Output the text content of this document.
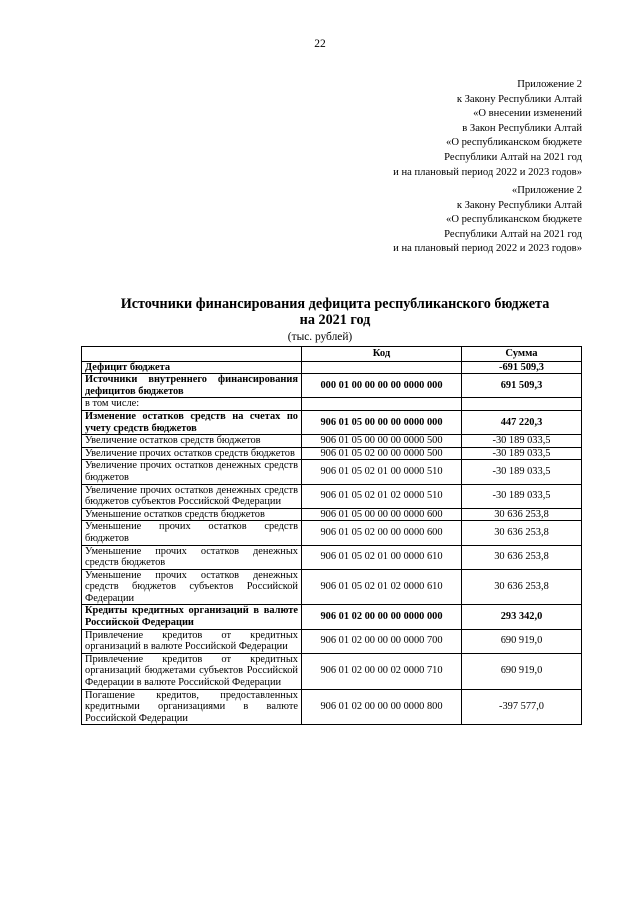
22
Приложение 2
к Закону Республики Алтай
«О внесении изменений
в Закон Республики Алтай
«О республиканском бюджете
Республики Алтай на 2021 год
и на плановый период 2022 и 2023 годов»
«Приложение 2
к Закону Республики Алтай
«О республиканском бюджете
Республики Алтай на 2021 год
и на плановый период 2022 и 2023 годов»
Источники финансирования дефицита республиканского бюджета
на 2021 год
(тыс. рублей)
	Код	Сумма
Дефицит бюджета		-691 509,3
Источники внутреннего финансирования дефицитов бюджетов	000 01 00 00 00 00 0000 000	691 509,3
в том числе:		
Изменение остатков средств на счетах по учету средств бюджетов	906 01 05 00 00 00 0000 000	447 220,3
Увеличение остатков средств бюджетов	906 01 05 00 00 00 0000 500	-30 189 033,5
Увеличение прочих остатков средств бюджетов	906 01 05 02 00 00 0000 500	-30 189 033,5
Увеличение прочих остатков денежных средств бюджетов	906 01 05 02 01 00 0000 510	-30 189 033,5
Увеличение прочих остатков денежных средств бюджетов субъектов Российской Федерации	906 01 05 02 01 02 0000 510	-30 189 033,5
Уменьшение остатков средств бюджетов	906 01 05 00 00 00 0000 600	30 636 253,8
Уменьшение прочих остатков средств бюджетов	906 01 05 02 00 00 0000 600	30 636 253,8
Уменьшение прочих остатков денежных средств бюджетов	906 01 05 02 01 00 0000 610	30 636 253,8
Уменьшение прочих остатков денежных средств бюджетов субъектов Российской Федерации	906 01 05 02 01 02 0000 610	30 636 253,8
Кредиты кредитных организаций в валюте Российской Федерации	906 01 02 00 00 00 0000 000	293 342,0
Привлечение кредитов от кредитных организаций в валюте Российской Федерации	906 01 02 00 00 00 0000 700	690 919,0
Привлечение кредитов от кредитных организаций бюджетами субъектов Российской Федерации в валюте Российской Федерации	906 01 02 00 00 02 0000 710	690 919,0
Погашение кредитов, предоставленных кредитными организациями в валюте Российской Федерации	906 01 02 00 00 00 0000 800	-397 577,0
